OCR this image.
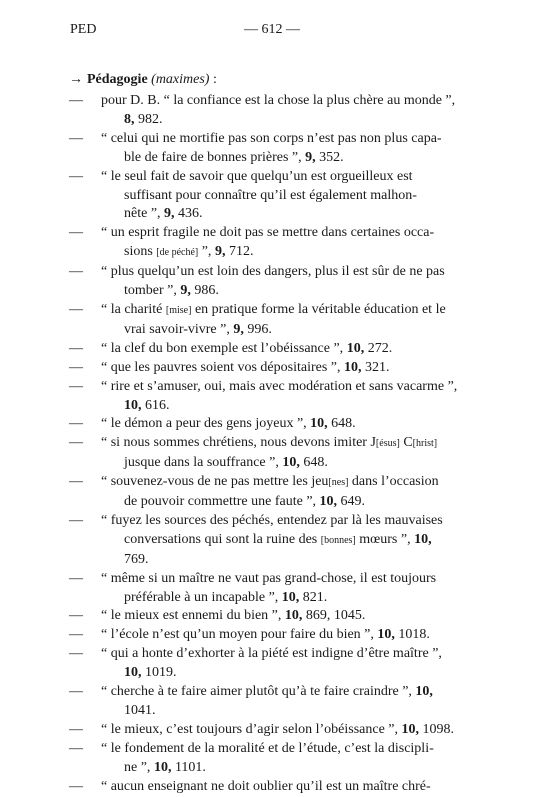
PED	— 612 —
→ Pédagogie (maximes) :
— pour D. B. “ la confiance est la chose la plus chère au monde ”,
8, 982.
— “ celui qui ne mortifie pas son corps n’est pas non plus capa-
ble de faire de bonnes prières ”, 9, 352.
— “ le seul fait de savoir que quelqu’un est orgueilleux est
suffisant pour connaître qu’il est également malhon-
nête ”, 9, 436.
— “ un esprit fragile ne doit pas se mettre dans certaines occa-
sions [de péché] ”, 9, 712.
— “ plus quelqu’un est loin des dangers, plus il est sûr de ne pas
tomber ”, 9, 986.
— “ la charité [mise] en pratique forme la véritable éducation et le
vrai savoir-vivre ”, 9, 996.
— “ la clef du bon exemple est l’obéissance ”, 10, 272.
— “ que les pauvres soient vos dépositaires ”, 10, 321.
— “ rire et s’amuser, oui, mais avec modération et sans vacarme ”,
10, 616.
— “ le démon a peur des gens joyeux ”, 10, 648.
— “ si nous sommes chrétiens, nous devons imiter J[ésus] C[hrist]
jusque dans la souffrance ”, 10, 648.
— “ souvenez-vous de ne pas mettre les jeu[nes] dans l’occasion
de pouvoir commettre une faute ”, 10, 649.
— “ fuyez les sources des péchés, entendez par là les mauvaises
conversations qui sont la ruine des [bonnes] mœurs ”, 10,
769.
— “ même si un maître ne vaut pas grand-chose, il est toujours
préférable à un incapable ”, 10, 821.
— “ le mieux est ennemi du bien ”, 10, 869, 1045.
— “ l’école n’est qu’un moyen pour faire du bien ”, 10, 1018.
— “ qui a honte d’exhorter à la piété est indigne d’être maître ”,
10, 1019.
— “ cherche à te faire aimer plutôt qu’à te faire craindre ”, 10,
1041.
— “ le mieux, c’est toujours d’agir selon l’obéissance ”, 10, 1098.
— “ le fondement de la moralité et de l’étude, c’est la discipli-
ne ”, 10, 1101.
— “ aucun enseignant ne doit oublier qu’il est un maître chré-
